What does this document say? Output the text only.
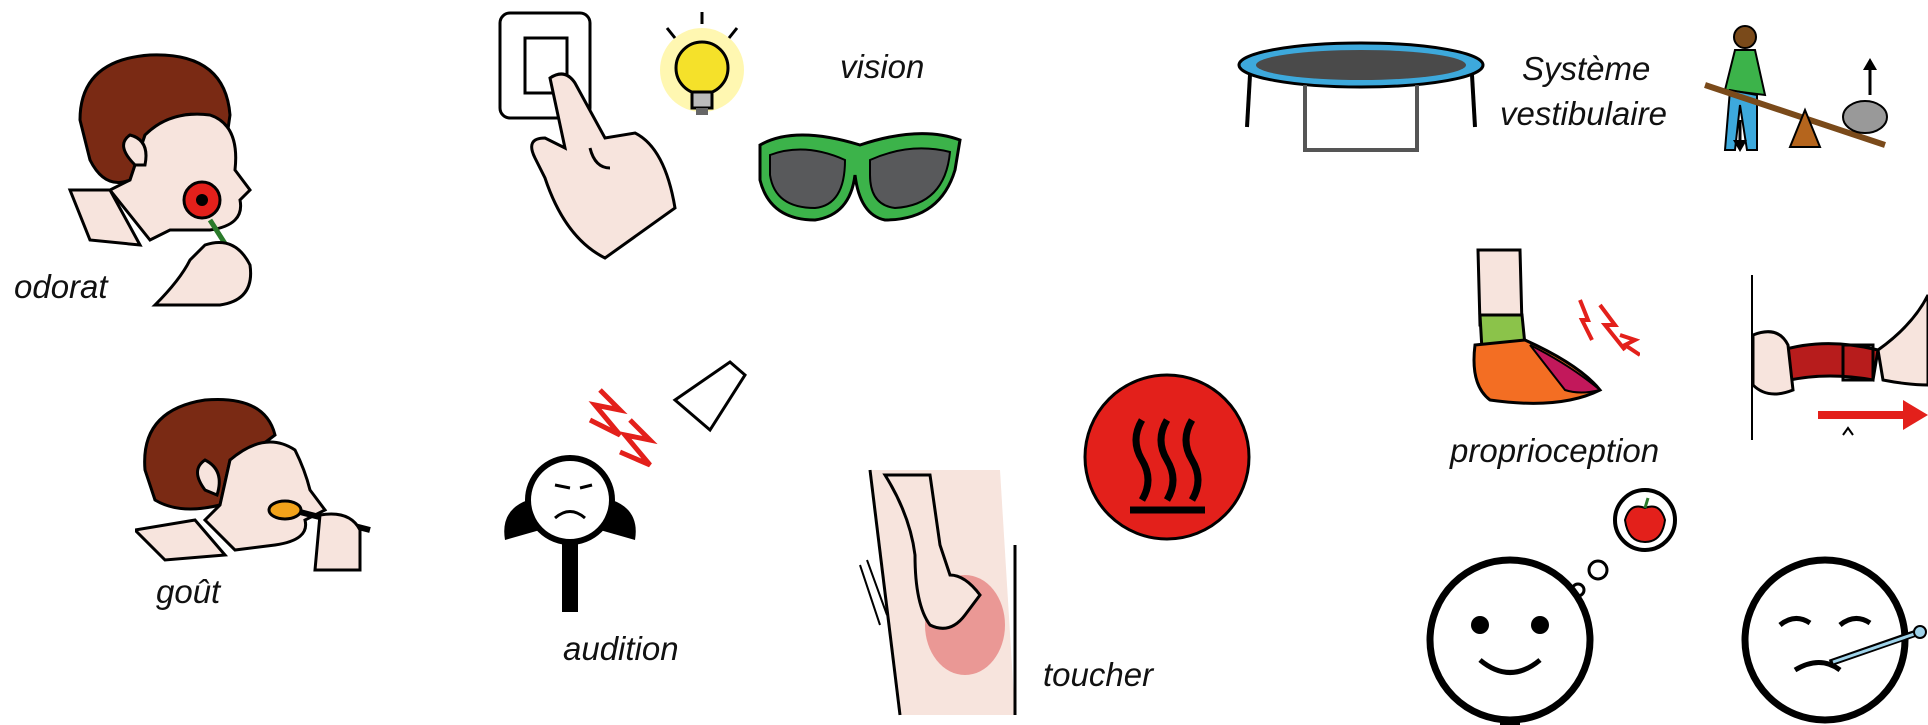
odorat
goût
vision
audition
toucher
Système
vestibulaire
proprioception
